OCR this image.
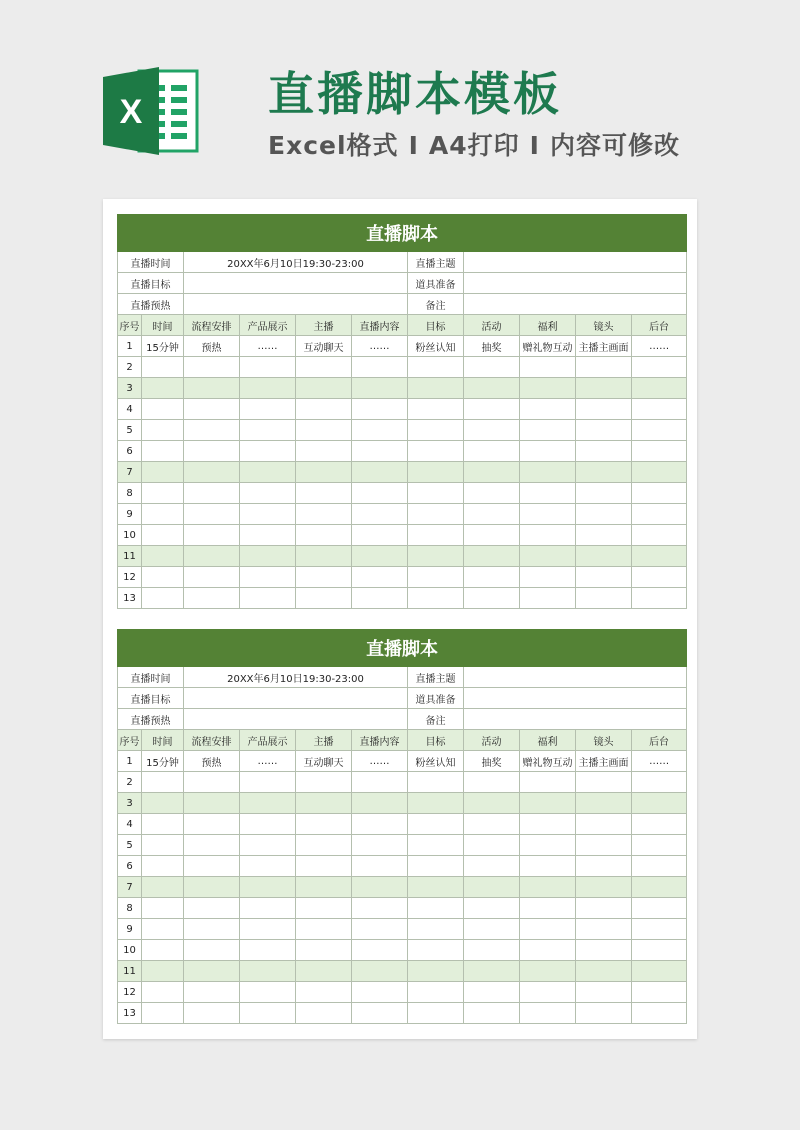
X	直播脚本模板
Excel格式 I A4打印 I 内容可修改
直播脚本										
直播时间		20XX年6月10日19:30-23:00				直播主题				
直播目标						道具准备				
直播预热						备注				
序号	时间	流程安排	产品展示	主播	直播内容	目标	活动	福利	镜头	后台
1	15分钟	预热	……	互动聊天	……	粉丝认知	抽奖	赠礼物互动	主播主画面	……
2										
3										
4										
5										
6										
7										
8										
9										
10										
11										
12										
13										
直播脚本										
直播时间		20XX年6月10日19:30-23:00				直播主题				
直播目标						道具准备				
直播预热						备注				
序号	时间	流程安排	产品展示	主播	直播内容	目标	活动	福利	镜头	后台
1	15分钟	预热	……	互动聊天	……	粉丝认知	抽奖	赠礼物互动	主播主画面	……
2										
3										
4										
5										
6										
7										
8										
9										
10										
11										
12										
13										
